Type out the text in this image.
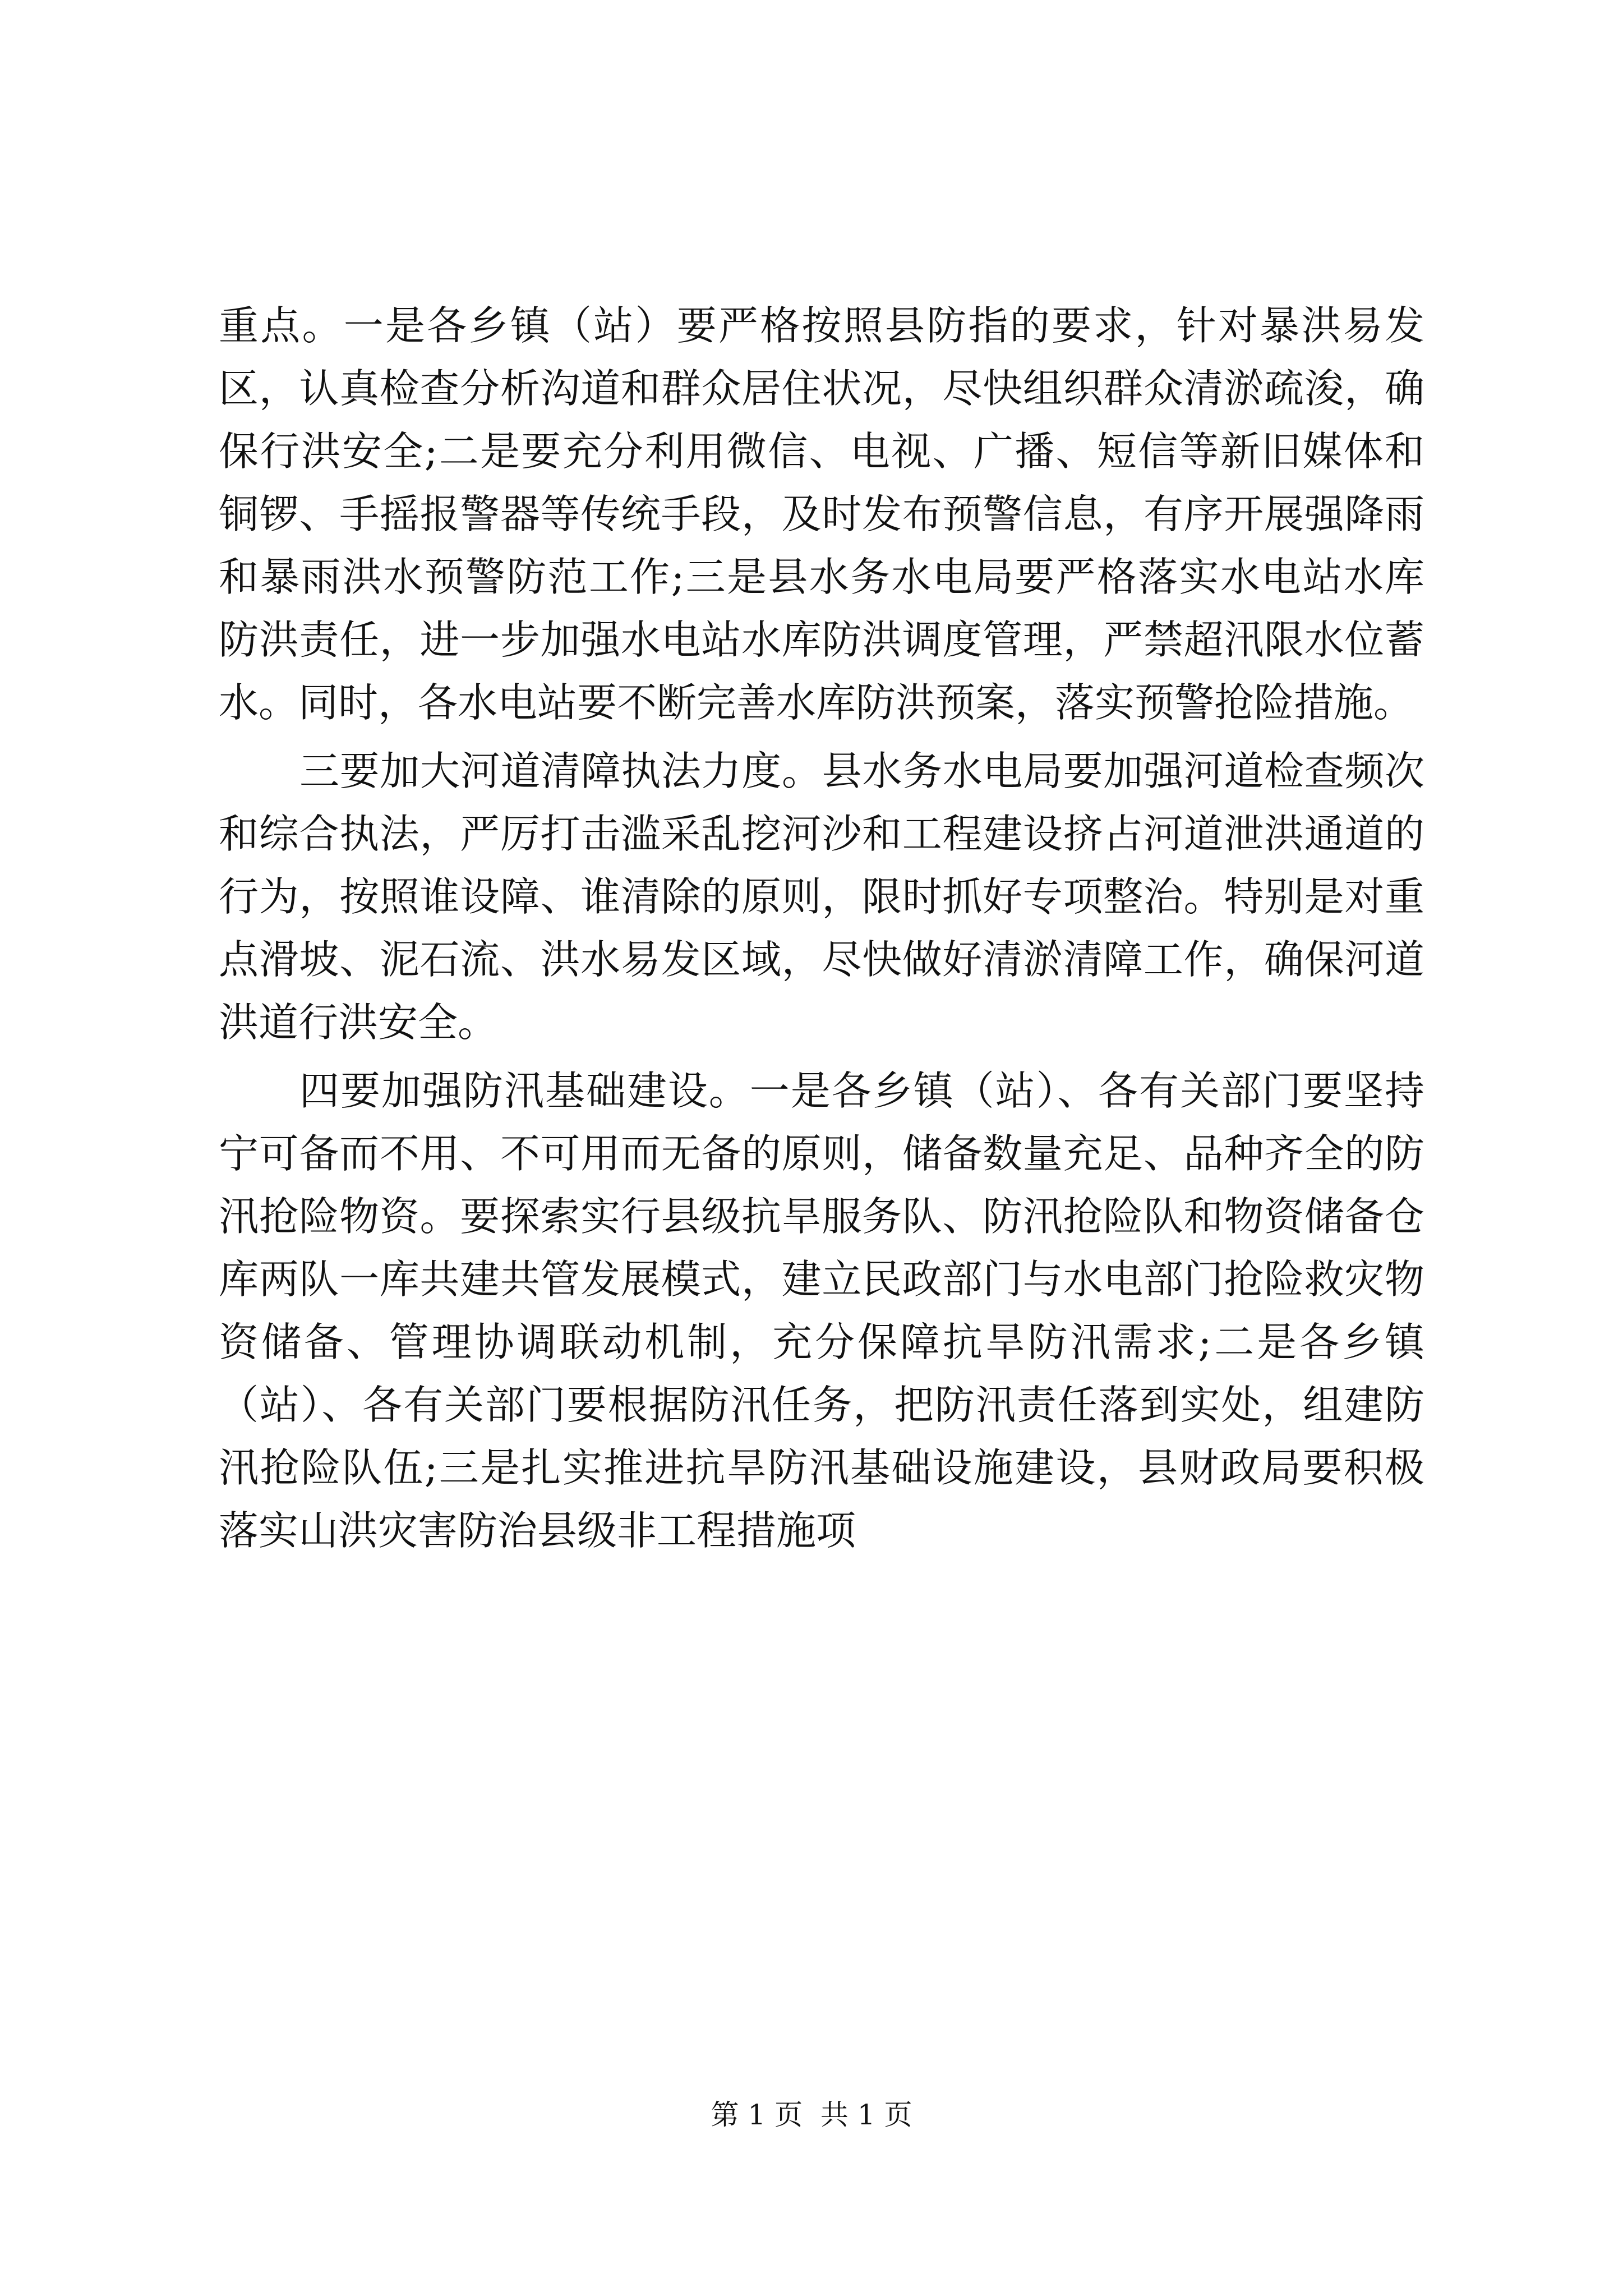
重点。一是各乡镇（站）要严格按照县防指的要求，针对暴洪易发区，认真检查分析沟道和群众居住状况，尽快组织群众清淤疏浚，确保行洪安全;二是要充分利用微信、电视、广播、短信等新旧媒体和铜锣、手摇报警器等传统手段，及时发布预警信息，有序开展强降雨和暴雨洪水预警防范工作;三是县水务水电局要严格落实水电站水库防洪责任，进一步加强水电站水库防洪调度管理，严禁超汛限水位蓄水。同时，各水电站要不断完善水库防洪预案，落实预警抢险措施。

三要加大河道清障执法力度。县水务水电局要加强河道检查频次和综合执法，严厉打击滥采乱挖河沙和工程建设挤占河道泄洪通道的行为，按照谁设障、谁清除的原则，限时抓好专项整治。特别是对重点滑坡、泥石流、洪水易发区域，尽快做好清淤清障工作，确保河道洪道行洪安全。

四要加强防汛基础建设。一是各乡镇（站）、各有关部门要坚持宁可备而不用、不可用而无备的原则，储备数量充足、品种齐全的防汛抢险物资。要探索实行县级抗旱服务队、防汛抢险队和物资储备仓库两队一库共建共管发展模式，建立民政部门与水电部门抢险救灾物资储备、管理协调联动机制，充分保障抗旱防汛需求;二是各乡镇（站）、各有关部门要根据防汛任务，把防汛责任落到实处，组建防汛抢险队伍;三是扎实推进抗旱防汛基础设施建设，县财政局要积极落实山洪灾害防治县级非工程措施项

第 1 页  共 1 页
